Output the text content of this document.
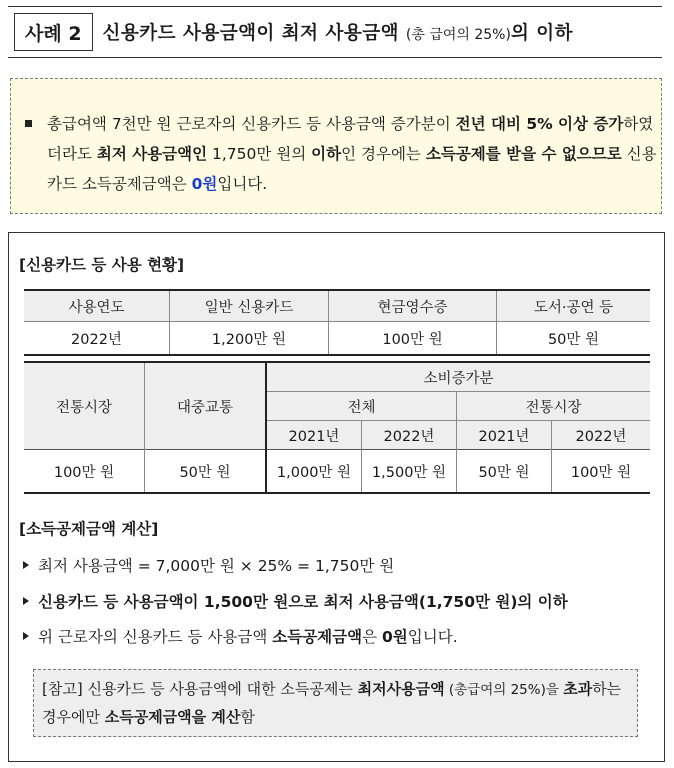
사례 2	신용카드 사용금액이 최저 사용금액 (총 급여의 25%)의 이하
총급여액 7천만 원 근로자의 신용카드 등 사용금액 증가분이 전년 대비 5% 이상 증가하였더라도 최저 사용금액인 1,750만 원의 이하인 경우에는 소득공제를 받을 수 없으므로 신용카드 소득공제금액은 0원입니다.
[신용카드 등 사용 현황]
사용연도	일반 신용카드	현금영수증	도서·공연 등
2022년	1,200만 원	100만 원	50만 원
전통시장	대중교통	소비증가분			
		전체		전통시장	
		2021년	2022년	2021년	2022년
100만 원	50만 원	1,000만 원	1,500만 원	50만 원	100만 원
[소득공제금액 계산]
최저 사용금액 = 7,000만 원 × 25% = 1,750만 원
신용카드 등 사용금액이 1,500만 원으로 최저 사용금액(1,750만 원)의 이하
위 근로자의 신용카드 등 사용금액 소득공제금액은 0원입니다.
[참고] 신용카드 등 사용금액에 대한 소득공제는 최저사용금액 (총급여의 25%)을 초과하는 경우에만 소득공제금액을 계산함
